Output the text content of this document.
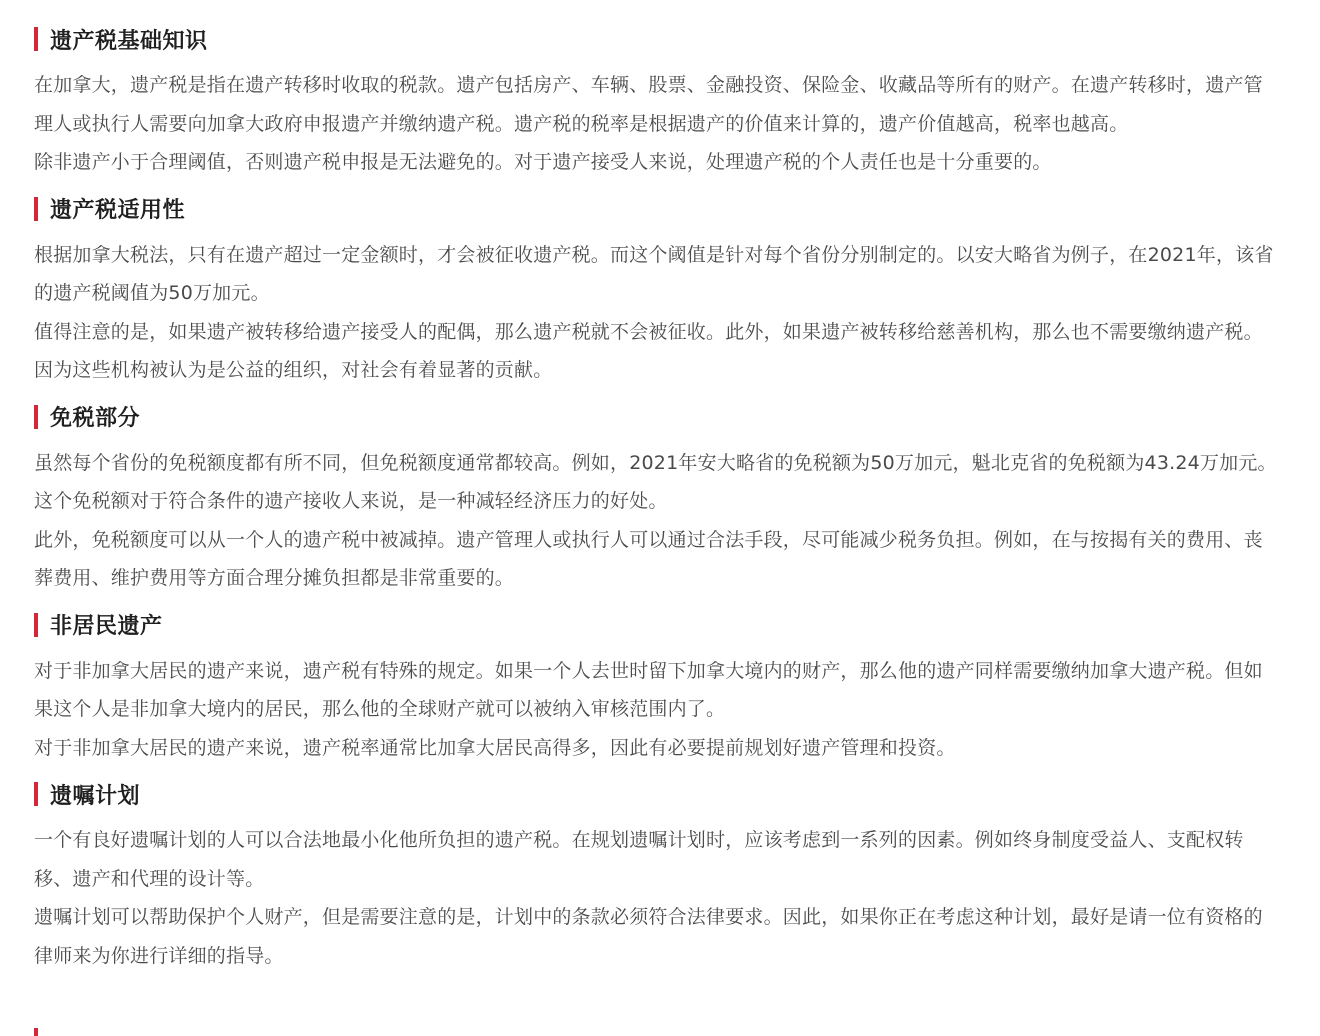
遗产税基础知识

在加拿大，遗产税是指在遗产转移时收取的税款。遗产包括房产、车辆、股票、金融投资、保险金、收藏品等所有的财产。在遗产转移时，遗产管理人或执行人需要向加拿大政府申报遗产并缴纳遗产税。遗产税的税率是根据遗产的价值来计算的，遗产价值越高，税率也越高。

除非遗产小于合理阈值，否则遗产税申报是无法避免的。对于遗产接受人来说，处理遗产税的个人责任也是十分重要的。

遗产税适用性

根据加拿大税法，只有在遗产超过一定金额时，才会被征收遗产税。而这个阈值是针对每个省份分别制定的。以安大略省为例子，在2021年，该省的遗产税阈值为50万加元。

值得注意的是，如果遗产被转移给遗产接受人的配偶，那么遗产税就不会被征收。此外，如果遗产被转移给慈善机构，那么也不需要缴纳遗产税。因为这些机构被认为是公益的组织，对社会有着显著的贡献。

免税部分

虽然每个省份的免税额度都有所不同，但免税额度通常都较高。例如，2021年安大略省的免税额为50万加元，魁北克省的免税额为43.24万加元。这个免税额对于符合条件的遗产接收人来说，是一种减轻经济压力的好处。

此外，免税额度可以从一个人的遗产税中被减掉。遗产管理人或执行人可以通过合法手段，尽可能减少税务负担。例如，在与按揭有关的费用、丧葬费用、维护费用等方面合理分摊负担都是非常重要的。

非居民遗产

对于非加拿大居民的遗产来说，遗产税有特殊的规定。如果一个人去世时留下加拿大境内的财产，那么他的遗产同样需要缴纳加拿大遗产税。但如果这个人是非加拿大境内的居民，那么他的全球财产就可以被纳入审核范围内了。

对于非加拿大居民的遗产来说，遗产税率通常比加拿大居民高得多，因此有必要提前规划好遗产管理和投资。

遗嘱计划

一个有良好遗嘱计划的人可以合法地最小化他所负担的遗产税。在规划遗嘱计划时，应该考虑到一系列的因素。例如终身制度受益人、支配权转移、遗产和代理的设计等。

遗嘱计划可以帮助保护个人财产，但是需要注意的是，计划中的条款必须符合法律要求。因此，如果你正在考虑这种计划，最好是请一位有资格的律师来为你进行详细的指导。
